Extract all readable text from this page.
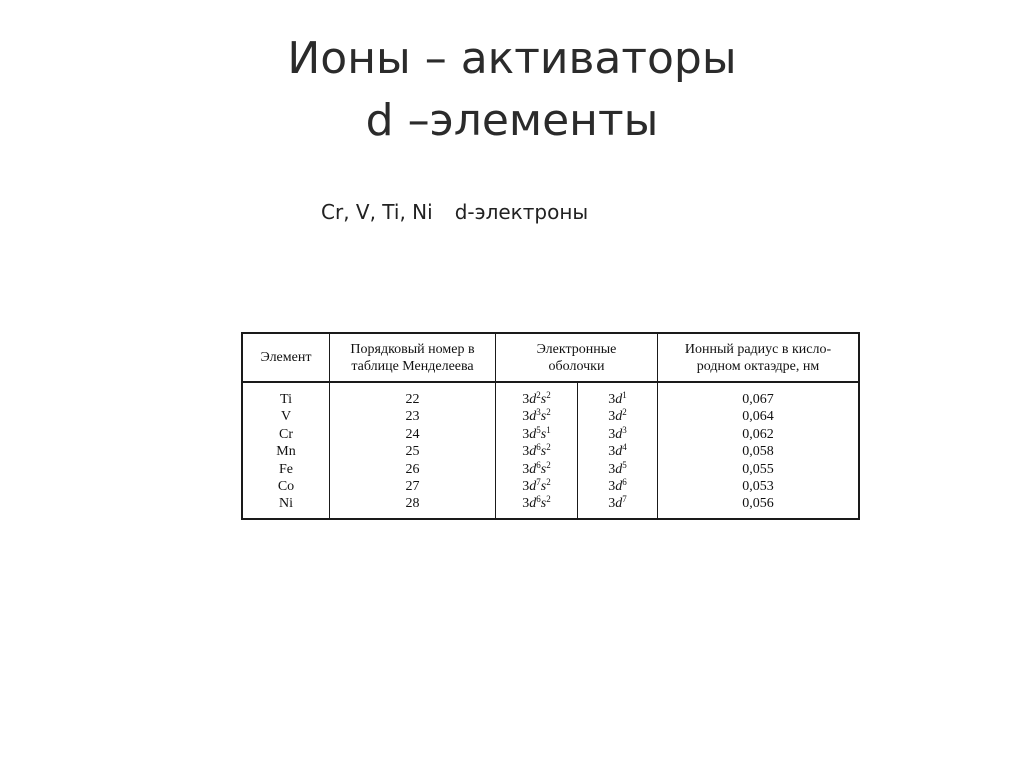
Ионы – активаторы
d –элементы
Cr, V, Ti, Ni d-электроны
Элемент
Порядковый номер в
таблице Менделеева
Электронные
оболочки
Ионный радиус в кисло-
родном октаэдре, нм
Ti
V
Cr
Mn
Fe
Co
Ni
22
23
24
25
26
27
28
$3d^2s^2$
$3d^3s^2$
$3d^5s^1$
$3d^6s^2$
$3d^6s^2$
$3d^7s^2$
$3d^6s^2$
$3d^1$
$3d^2$
$3d^3$
$3d^4$
$3d^5$
$3d^6$
$3d^7$
0,067
0,064
0,062
0,058
0,055
0,053
0,056
